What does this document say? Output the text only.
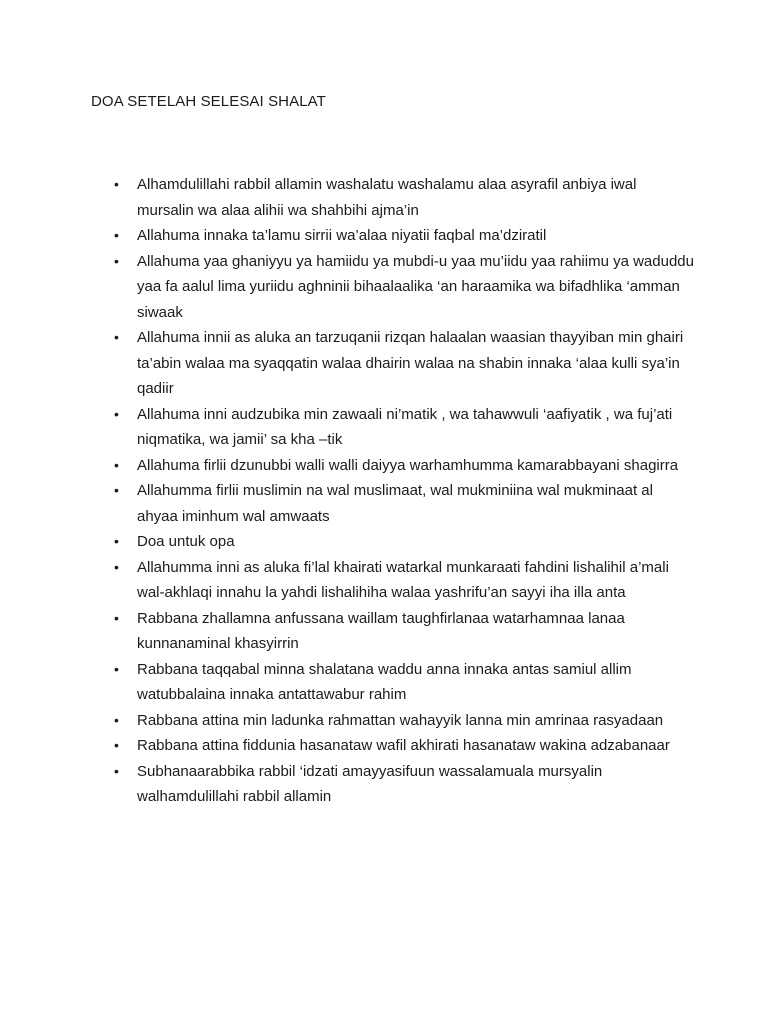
DOA SETELAH SELESAI SHALAT
• Alhamdulillahi rabbil allamin washalatu washalamu alaa asyrafil anbiya iwal mursalin wa alaa alihii wa shahbihi ajma’in
• Allahuma innaka ta’lamu sirrii wa’alaa niyatii faqbal ma’dziratil
• Allahuma yaa ghaniyyu ya hamiidu ya mubdi-u yaa mu’iidu yaa rahiimu ya waduddu yaa fa aalul lima yuriidu aghninii bihaalaalika ‘an haraamika wa bifadhlika ‘amman siwaak
• Allahuma innii as aluka an tarzuqanii rizqan halaalan waasian thayyiban min ghairi ta’abin walaa ma syaqqatin walaa dhairin walaa na shabin innaka ‘alaa kulli sya’in qadiir
• Allahuma inni audzubika min zawaali ni’matik , wa tahawwuli ‘aafiyatik , wa fuj’ati niqmatika, wa jamii’ sa kha –tik
• Allahuma firlii dzunubbi walli walli daiyya warhamhumma kamarabbayani shagirra
• Allahumma firlii muslimin na wal muslimaat, wal mukminiina wal mukminaat al ahyaa iminhum wal amwaats
• Doa untuk opa
• Allahumma inni as aluka fi’lal khairati watarkal munkaraati fahdini lishalihil a’mali wal-akhlaqi innahu la yahdi lishalihiha walaa yashrifu’an sayyi iha illa anta
• Rabbana zhallamna anfussana waillam taughfirlanaa watarhamnaa lanaa kunnanaminal khasyirrin
• Rabbana taqqabal minna shalatana waddu anna innaka antas samiul allim watubbalaina innaka antattawabur rahim
• Rabbana attina min ladunka rahmattan wahayyik lanna min amrinaa rasyadaan
• Rabbana attina fiddunia hasanataw wafil akhirati hasanataw wakina adzabanaar
• Subhanaarabbika rabbil ‘idzati amayyasifuun wassalamuala mursyalin walhamdulillahi rabbil allamin
